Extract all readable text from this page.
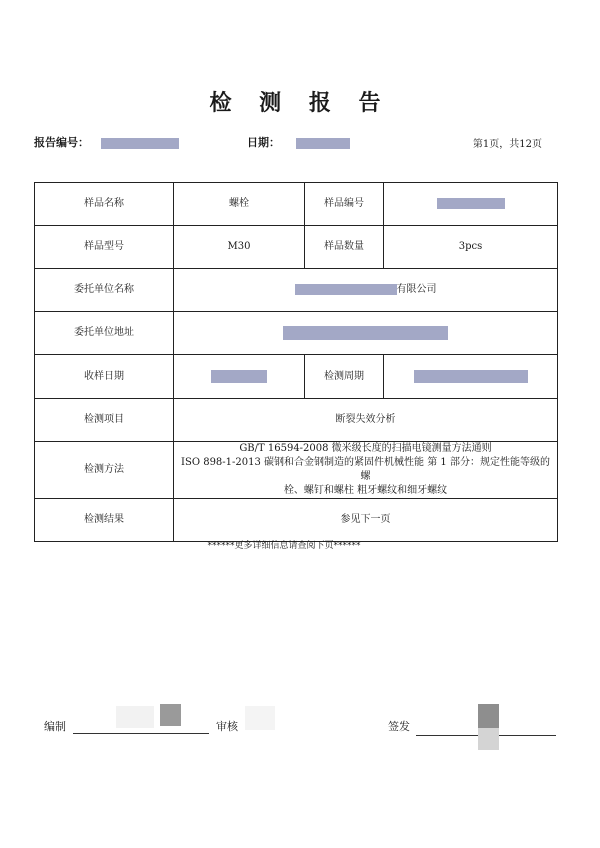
检 测 报 告
报告编号：	日期：	第1页，共12页
样品名称	螺栓	样品编号	
样品型号	M30	样品数量	3pcs
委托单位名称	有限公司		
委托单位地址			
收样日期		检测周期	
检测项目	断裂失效分析		
检测方法	GB/T 16594-2008 微米级长度的扫描电镜测量方法通则
ISO 898-1-2013 碳钢和合金钢制造的紧固件机械性能 第 1 部分：规定性能等级的螺
栓、螺钉和螺柱 粗牙螺纹和细牙螺纹		

检测结果	参见下一页		
******更多详细信息请查阅下页******
编制	审核	签发
